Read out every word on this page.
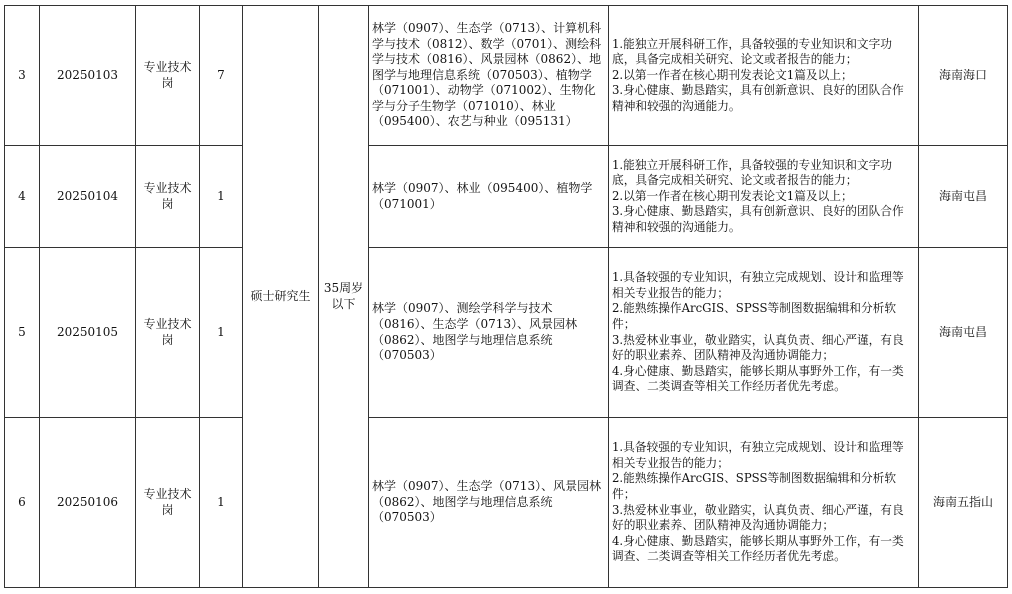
3	20250103	专业技术岗	7	硕士研究生	35周岁以下	林学（0907）、生态学（0713）、计算机科学与技术（0812）、数学（0701）、测绘科学与技术（0816）、风景园林（0862）、地图学与地理信息系统（070503）、植物学（071001）、动物学（071002）、生物化学与分子生物学（071010）、林业（095400）、农艺与种业（095131）	1.能独立开展科研工作，具备较强的专业知识和文字功底，具备完成相关研究、论文或者报告的能力；
2.以第一作者在核心期刊发表论文1篇及以上；
3.身心健康、勤恳踏实，具有创新意识、良好的团队合作精神和较强的沟通能力。	海南海口
4	20250104	专业技术岗	1			林学（0907）、林业（095400）、植物学（071001）	1.能独立开展科研工作，具备较强的专业知识和文字功底，具备完成相关研究、论文或者报告的能力；
2.以第一作者在核心期刊发表论文1篇及以上；
3.身心健康、勤恳踏实，具有创新意识、良好的团队合作精神和较强的沟通能力。	海南屯昌
5	20250105	专业技术岗	1			林学（0907）、测绘学科学与技术（0816）、生态学（0713）、风景园林（0862）、地图学与地理信息系统（070503）	1.具备较强的专业知识，有独立完成规划、设计和监理等相关专业报告的能力；
2.能熟练操作ArcGIS、SPSS等制图数据编辑和分析软件；
3.热爱林业事业，敬业踏实，认真负责、细心严谨，有良好的职业素养、团队精神及沟通协调能力；
4.身心健康、勤恳踏实，能够长期从事野外工作，有一类调查、二类调查等相关工作经历者优先考虑。	海南屯昌
6	20250106	专业技术岗	1			林学（0907）、生态学（0713）、风景园林（0862）、地图学与地理信息系统（070503）	1.具备较强的专业知识，有独立完成规划、设计和监理等相关专业报告的能力；
2.能熟练操作ArcGIS、SPSS等制图数据编辑和分析软件；
3.热爱林业事业，敬业踏实，认真负责、细心严谨，有良好的职业素养、团队精神及沟通协调能力；
4.身心健康、勤恳踏实，能够长期从事野外工作，有一类调查、二类调查等相关工作经历者优先考虑。	海南五指山
